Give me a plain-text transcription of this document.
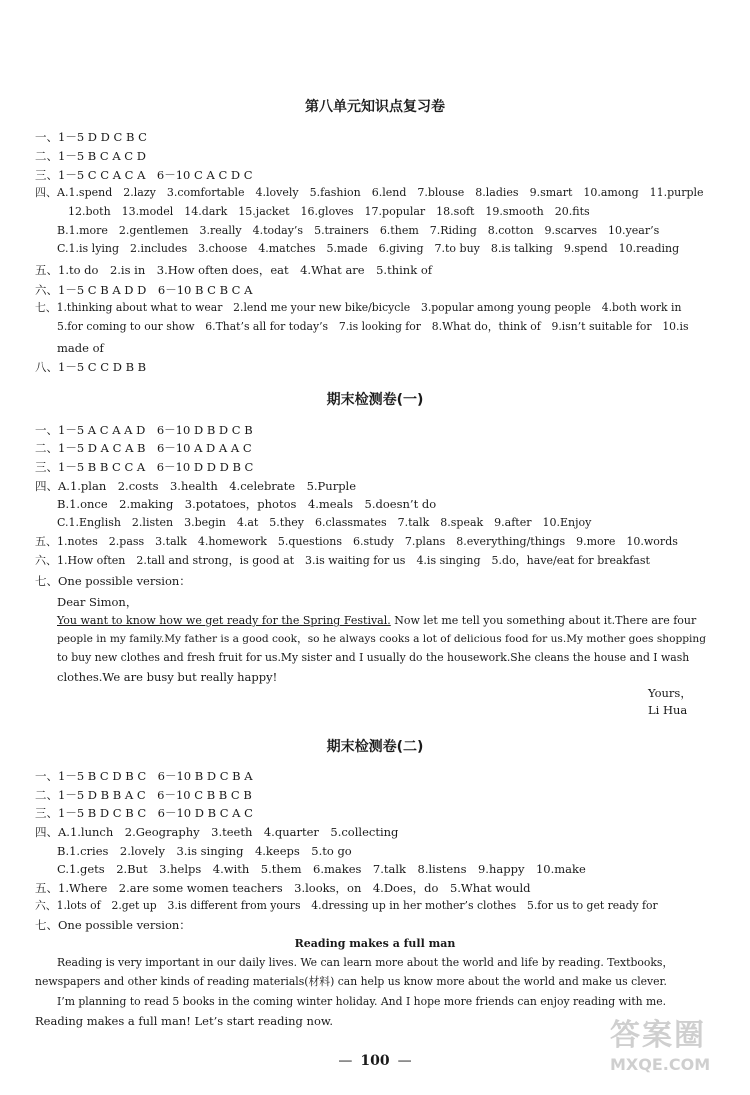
第八单元知识点复习卷
一、1－5 D D C B C
二、1－5 B C A C D
三、1－5 C C A C A　6－10 C A C D C
四、A.1.spend　2.lazy　3.comfortable　4.lovely　5.fashion　6.lend　7.blouse　8.ladies　9.smart　10.among　11.purple
12.both　13.model　14.dark　15.jacket　16.gloves　17.popular　18.soft　19.smooth　20.fits
B.1.more　2.gentlemen　3.really　4.today’s　5.trainers　6.them　7.Riding　8.cotton　9.scarves　10.year’s
C.1.is lying　2.includes　3.choose　4.matches　5.made　6.giving　7.to buy　8.is talking　9.spend　10.reading
五、1.to do　2.is in　3.How often does，eat　4.What are　5.think of
六、1－5 C B A D D　6－10 B C B C A
七、1.thinking about what to wear　2.lend me your new bike/bicycle　3.popular among young people　4.both work in
5.for coming to our show　6.That’s all for today’s　7.is looking for　8.What do，think of　9.isn’t suitable for　10.is
made of
八、1－5 C C D B B
期末检测卷(一)
一、1－5 A C A A D　6－10 D B D C B
二、1－5 D A C A B　6－10 A D A A C
三、1－5 B B C C A　6－10 D D D B C
四、A.1.plan　2.costs　3.health　4.celebrate　5.Purple
B.1.once　2.making　3.potatoes，photos　4.meals　5.doesn’t do
C.1.English　2.listen　3.begin　4.at　5.they　6.classmates　7.talk　8.speak　9.after　10.Enjoy
五、1.notes　2.pass　3.talk　4.homework　5.questions　6.study　7.plans　8.everything/things　9.more　10.words
六、1.How often　2.tall and strong，is good at　3.is waiting for us　4.is singing　5.do，have/eat for breakfast
七、One possible version：
Dear Simon，
You want to know how we get ready for the Spring Festival. Now let me tell you something about it.There are four
people in my family.My father is a good cook，so he always cooks a lot of delicious food for us.My mother goes shopping
to buy new clothes and fresh fruit for us.My sister and I usually do the housework.She cleans the house and I wash
clothes.We are busy but really happy!
Yours，
Li Hua
期末检测卷(二)
一、1－5 B C D B C　6－10 B D C B A
二、1－5 D B B A C　6－10 C B B C B
三、1－5 B D C B C　6－10 D B C A C
四、A.1.lunch　2.Geography　3.teeth　4.quarter　5.collecting
B.1.cries　2.lovely　3.is singing　4.keeps　5.to go
C.1.gets　2.But　3.helps　4.with　5.them　6.makes　7.talk　8.listens　9.happy　10.make
五、1.Where　2.are some women teachers　3.looks，on　4.Does，do　5.What would
六、1.lots of　2.get up　3.is different from yours　4.dressing up in her mother’s clothes　5.for us to get ready for
七、One possible version：
Reading makes a full man
Reading is very important in our daily lives. We can learn more about the world and life by reading. Textbooks，
newspapers and other kinds of reading materials(材料) can help us know more about the world and make us clever.
I’m planning to read 5 books in the coming winter holiday. And I hope more friends can enjoy reading with me.
Reading makes a full man! Let’s start reading now.
— 100 —
答案圈
MXQE.COM
